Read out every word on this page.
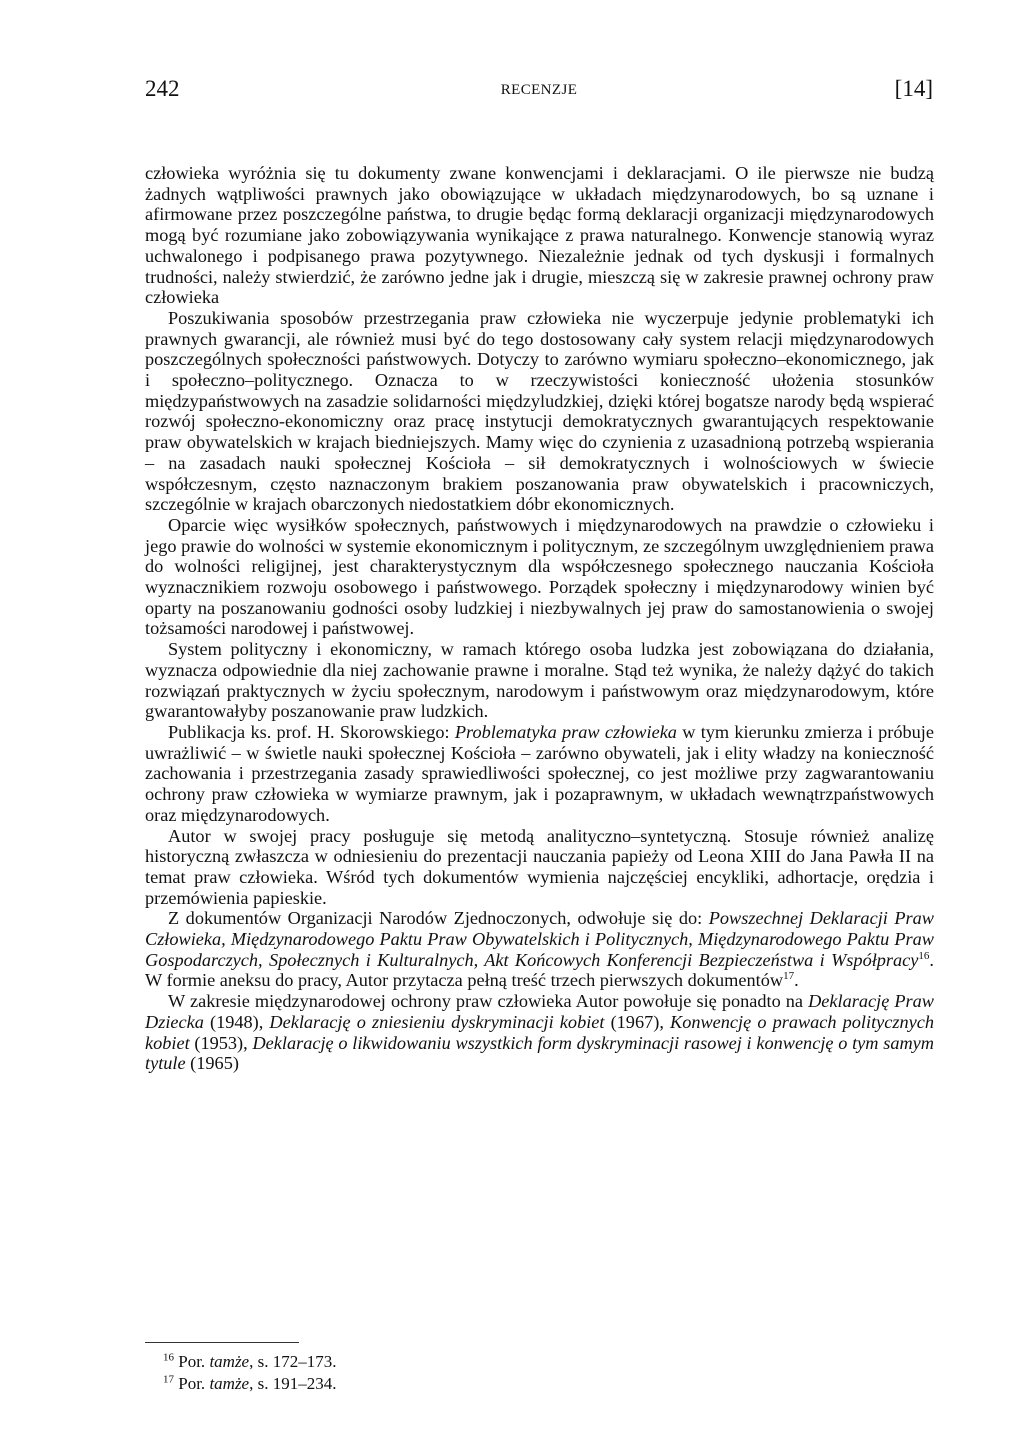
242	RECENZJE	[14]

człowieka wyróżnia się tu dokumenty zwane konwencjami i deklaracjami. O ile pierwsze nie budzą żadnych wątpliwości prawnych jako obowiązujące w układach międzynarodowych, bo są uznane i afirmowane przez poszczególne państwa, to drugie będąc formą deklaracji organizacji międzynarodowych mogą być rozumiane jako zobowiązywania wynikające z prawa naturalnego. Konwencje stanowią wyraz uchwalonego i podpisanego prawa pozytywnego. Niezależnie jednak od tych dyskusji i formalnych trudności, należy stwierdzić, że zarówno jedne jak i drugie, mieszczą się w zakresie prawnej ochrony praw człowieka

Poszukiwania sposobów przestrzegania praw człowieka nie wyczerpuje jedynie problematyki ich prawnych gwarancji, ale również musi być do tego dostosowany cały system relacji międzynarodowych poszczególnych społeczności państwowych. Dotyczy to zarówno wymiaru społeczno–ekonomicznego, jak i społeczno–politycznego. Oznacza to w rzeczywistości konieczność ułożenia stosunków międzypaństwowych na zasadzie solidarności międzyludzkiej, dzięki której bogatsze narody będą wspierać rozwój społeczno-ekonomiczny oraz pracę instytucji demokratycznych gwarantujących respektowanie praw obywatelskich w krajach biedniejszych. Mamy więc do czynienia z uzasadnioną potrzebą wspierania – na zasadach nauki społecznej Kościoła – sił demokratycznych i wolnościowych w świecie współczesnym, często naznaczonym brakiem poszanowania praw obywatelskich i pracowniczych, szczególnie w krajach obarczonych niedostatkiem dóbr ekonomicznych.

Oparcie więc wysiłków społecznych, państwowych i międzynarodowych na prawdzie o człowieku i jego prawie do wolności w systemie ekonomicznym i politycznym, ze szczególnym uwzględnieniem prawa do wolności religijnej, jest charakterystycznym dla współczesnego społecznego nauczania Kościoła wyznacznikiem rozwoju osobowego i państwowego. Porządek społeczny i międzynarodowy winien być oparty na poszanowaniu godności osoby ludzkiej i niezbywalnych jej praw do samostanowienia o swojej tożsamości narodowej i państwowej.

System polityczny i ekonomiczny, w ramach którego osoba ludzka jest zobowiązana do działania, wyznacza odpowiednie dla niej zachowanie prawne i moralne. Stąd też wynika, że należy dążyć do takich rozwiązań praktycznych w życiu społecznym, narodowym i państwowym oraz międzynarodowym, które gwarantowałyby poszanowanie praw ludzkich.

Publikacja ks. prof. H. Skorowskiego: Problematyka praw człowieka w tym kierunku zmierza i próbuje uwrażliwić – w świetle nauki społecznej Kościoła – zarówno obywateli, jak i elity władzy na konieczność zachowania i przestrzegania zasady sprawiedliwości społecznej, co jest możliwe przy zagwarantowaniu ochrony praw człowieka w wymiarze prawnym, jak i pozaprawnym, w układach wewnątrzpaństwowych oraz międzynarodowych.

Autor w swojej pracy posługuje się metodą analityczno–syntetyczną. Stosuje również analizę historyczną zwłaszcza w odniesieniu do prezentacji nauczania papieży od Leona XIII do Jana Pawła II na temat praw człowieka. Wśród tych dokumentów wymienia najczęściej encykliki, adhortacje, orędzia i przemówienia papieskie.

Z dokumentów Organizacji Narodów Zjednoczonych, odwołuje się do: Powszechnej Deklaracji Praw Człowieka, Międzynarodowego Paktu Praw Obywatelskich i Politycznych, Międzynarodowego Paktu Praw Gospodarczych, Społecznych i Kulturalnych, Akt Końcowych Konferencji Bezpieczeństwa i Współpracy$^{16}$. W formie aneksu do pracy, Autor przytacza pełną treść trzech pierwszych dokumentów$^{17}$.

W zakresie międzynarodowej ochrony praw człowieka Autor powołuje się ponadto na Deklarację Praw Dziecka (1948), Deklarację o zniesieniu dyskryminacji kobiet (1967), Konwencję o prawach politycznych kobiet (1953), Deklarację o likwidowaniu wszystkich form dyskryminacji rasowej i konwencję o tym samym tytule (1965)

$^{16}$ Por. tamże, s. 172–173.
$^{17}$ Por. tamże, s. 191–234.
